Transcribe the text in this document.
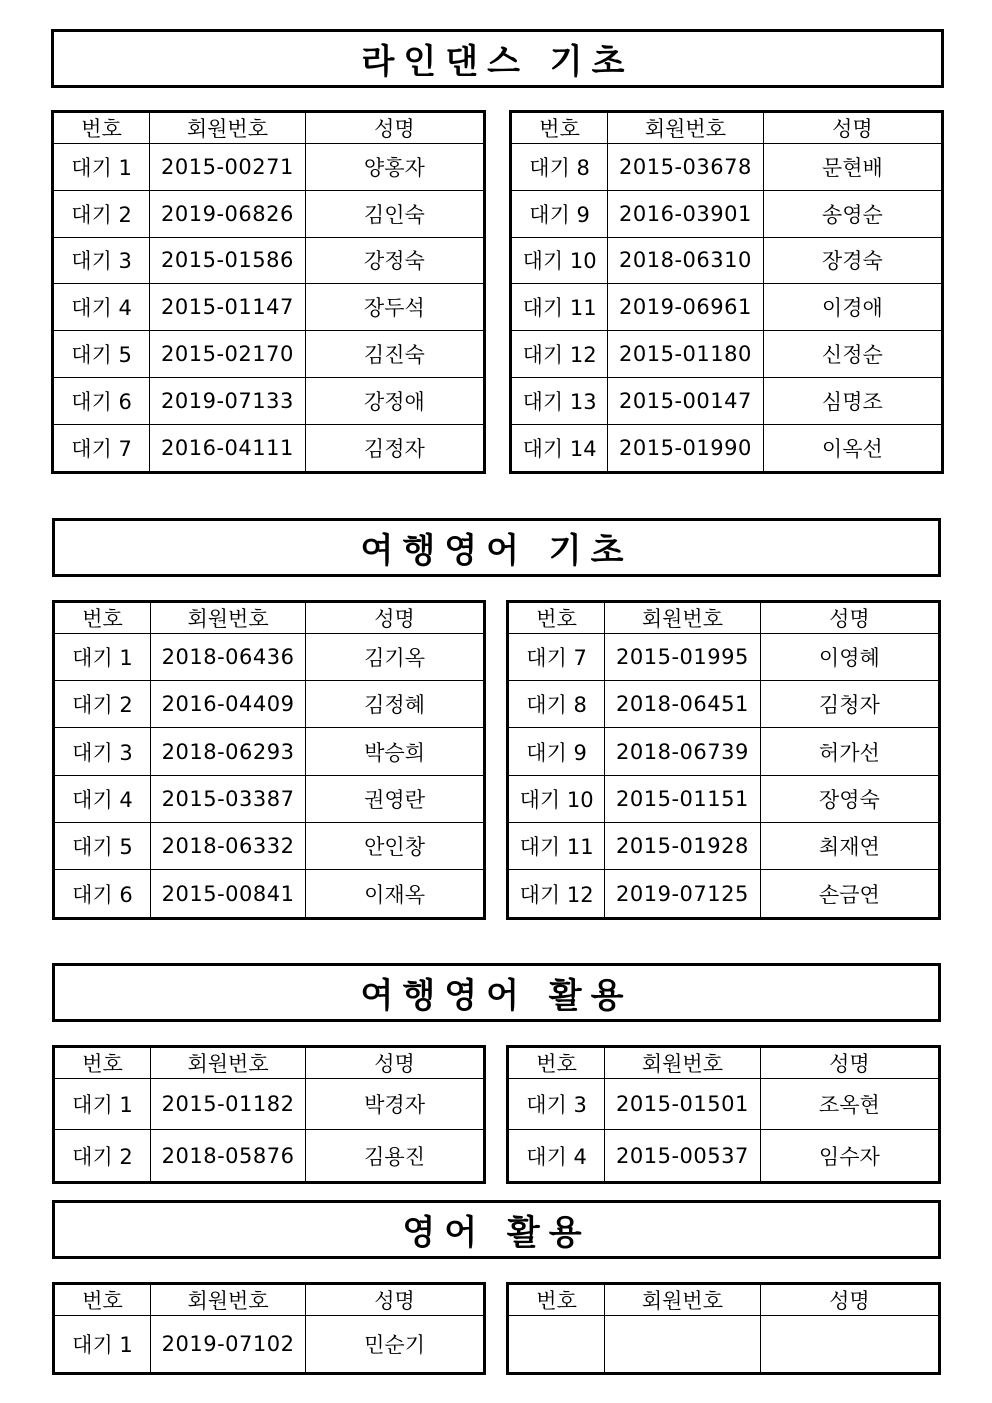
라인댄스 기초
번호	회원번호	성명
대기 1	2015-00271	양홍자
대기 2	2019-06826	김인숙
대기 3	2015-01586	강정숙
대기 4	2015-01147	장두석
대기 5	2015-02170	김진숙
대기 6	2019-07133	강정애
대기 7	2016-04111	김정자
번호	회원번호	성명
대기 8	2015-03678	문현배
대기 9	2016-03901	송영순
대기 10	2018-06310	장경숙
대기 11	2019-06961	이경애
대기 12	2015-01180	신정순
대기 13	2015-00147	심명조
대기 14	2015-01990	이옥선
여행영어 기초
번호	회원번호	성명
대기 1	2018-06436	김기옥
대기 2	2016-04409	김정혜
대기 3	2018-06293	박승희
대기 4	2015-03387	권영란
대기 5	2018-06332	안인창
대기 6	2015-00841	이재옥
번호	회원번호	성명
대기 7	2015-01995	이영혜
대기 8	2018-06451	김청자
대기 9	2018-06739	허가선
대기 10	2015-01151	장영숙
대기 11	2015-01928	최재연
대기 12	2019-07125	손금연
여행영어 활용
번호	회원번호	성명
대기 1	2015-01182	박경자
대기 2	2018-05876	김용진
번호	회원번호	성명
대기 3	2015-01501	조옥현
대기 4	2015-00537	임수자
영어 활용
번호	회원번호	성명
대기 1	2019-07102	민순기
번호	회원번호	성명
